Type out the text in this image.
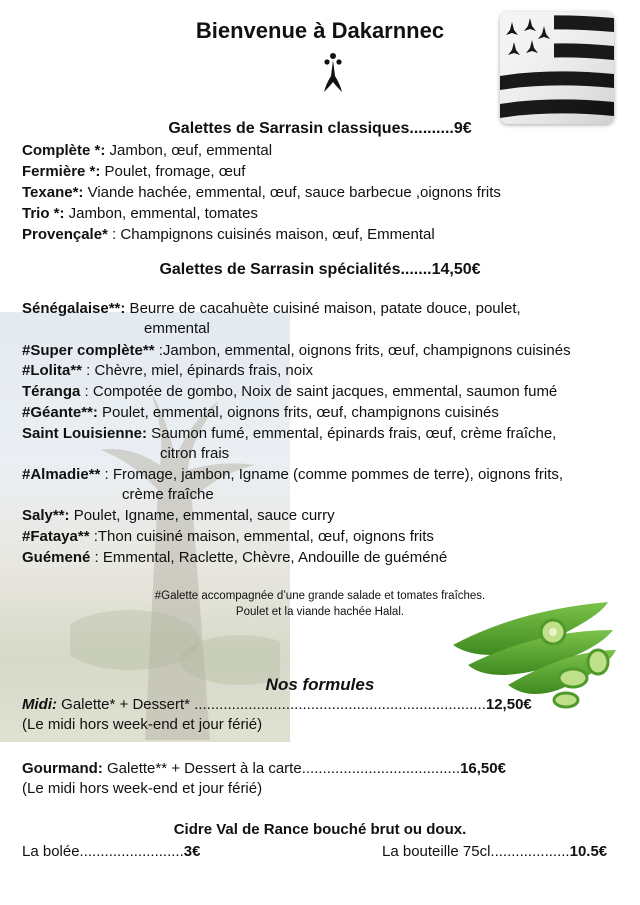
Bienvenue à Dakarnnec
Galettes de Sarrasin classiques..........9€
Complète *: Jambon, œuf, emmental
Fermière *: Poulet, fromage, œuf
Texane*: Viande hachée, emmental, œuf, sauce barbecue ,oignons frits
Trio *: Jambon, emmental, tomates
Provençale* : Champignons cuisinés maison, œuf, Emmental
Galettes de Sarrasin spécialités.......14,50€
Sénégalaise**: Beurre de cacahuète cuisiné maison, patate douce, poulet,
emmental
#Super complète** :Jambon, emmental, oignons frits, œuf, champignons cuisinés
#Lolita** : Chèvre, miel, épinards frais, noix
Téranga : Compotée de gombo, Noix de saint jacques, emmental, saumon fumé
#Géante**: Poulet, emmental, oignons frits, œuf, champignons cuisinés
Saint Louisienne: Saumon fumé, emmental, épinards frais, œuf, crème fraîche,
citron frais
#Almadie** : Fromage, jambon, Igname (comme pommes de terre), oignons frits,
crème fraîche
Saly**: Poulet, Igname, emmental, sauce curry
#Fataya** :Thon cuisiné maison, emmental, œuf, oignons frits
Guémené : Emmental, Raclette, Chèvre, Andouille de guéméné
#Galette accompagnée d’une grande salade et tomates fraîches.
Poulet et la viande hachée Halal.
Nos formules
Midi: Galette* + Dessert* ......................................................................12,50€
(Le midi hors week-end et jour férié)
Gourmand: Galette** + Dessert à la carte......................................16,50€
(Le midi hors week-end et jour férié)
Cidre Val de Rance bouché brut ou doux.
La bolée.........................3€	La bouteille 75cl...................10.5€
